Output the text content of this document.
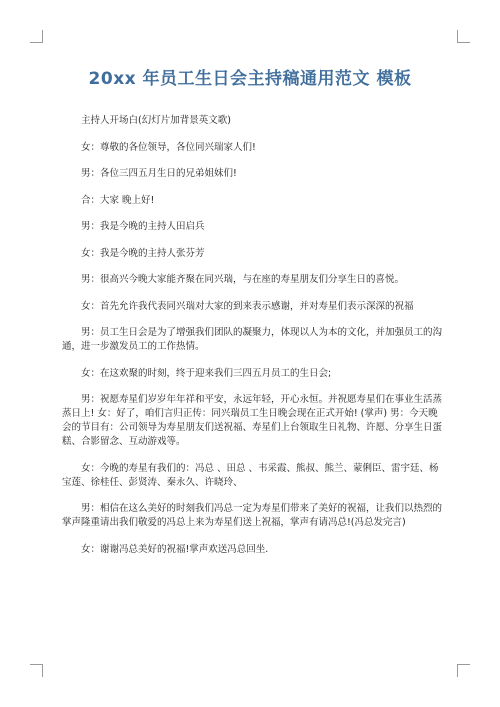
20xx 年员工生日会主持稿通用范文 模板

主持人开场白(幻灯片加背景英文歌)

女：尊敬的各位领导，各位同兴瑞家人们!

男：各位三四五月生日的兄弟姐妹们!

合：大家 晚上好!

男：我是今晚的主持人田启兵

女：我是今晚的主持人张芬芳

男：很高兴今晚大家能齐聚在同兴瑞，与在座的寿星朋友们分享生日的喜悦。

女：首先允许我代表同兴瑞对大家的到来表示感谢，并对寿星们表示深深的祝福

男：员工生日会是为了增强我们团队的凝聚力，体现以人为本的文化，并加强员工的沟通，进一步激发员工的工作热情。

女：在这欢聚的时刻，终于迎来我们三四五月员工的生日会;

男：祝愿寿星们岁岁年年祥和平安，永远年轻，开心永恒。并祝愿寿星们在事业生活蒸蒸日上! 女：好了，咱们言归正传：同兴瑞员工生日晚会现在正式开始! (掌声) 男：今天晚会的节目有：公司领导为寿星朋友们送祝福、寿星们上台领取生日礼物、许愿、分享生日蛋糕、合影留念、互动游戏等。

女：今晚的寿星有我们的：冯总 、田总 、韦采霞、熊叔、熊兰、蒙俐臣、雷宇廷、杨宝莲、徐桂任、彭贤涛、秦永久、许晓玲、

男：相信在这么美好的时刻我们冯总一定为寿星们带来了美好的祝福，让我们以热烈的掌声隆重请出我们敬爱的冯总上来为寿星们送上祝福，掌声有请冯总!(冯总发完言)

女：谢谢冯总美好的祝福!掌声欢送冯总回坐.
